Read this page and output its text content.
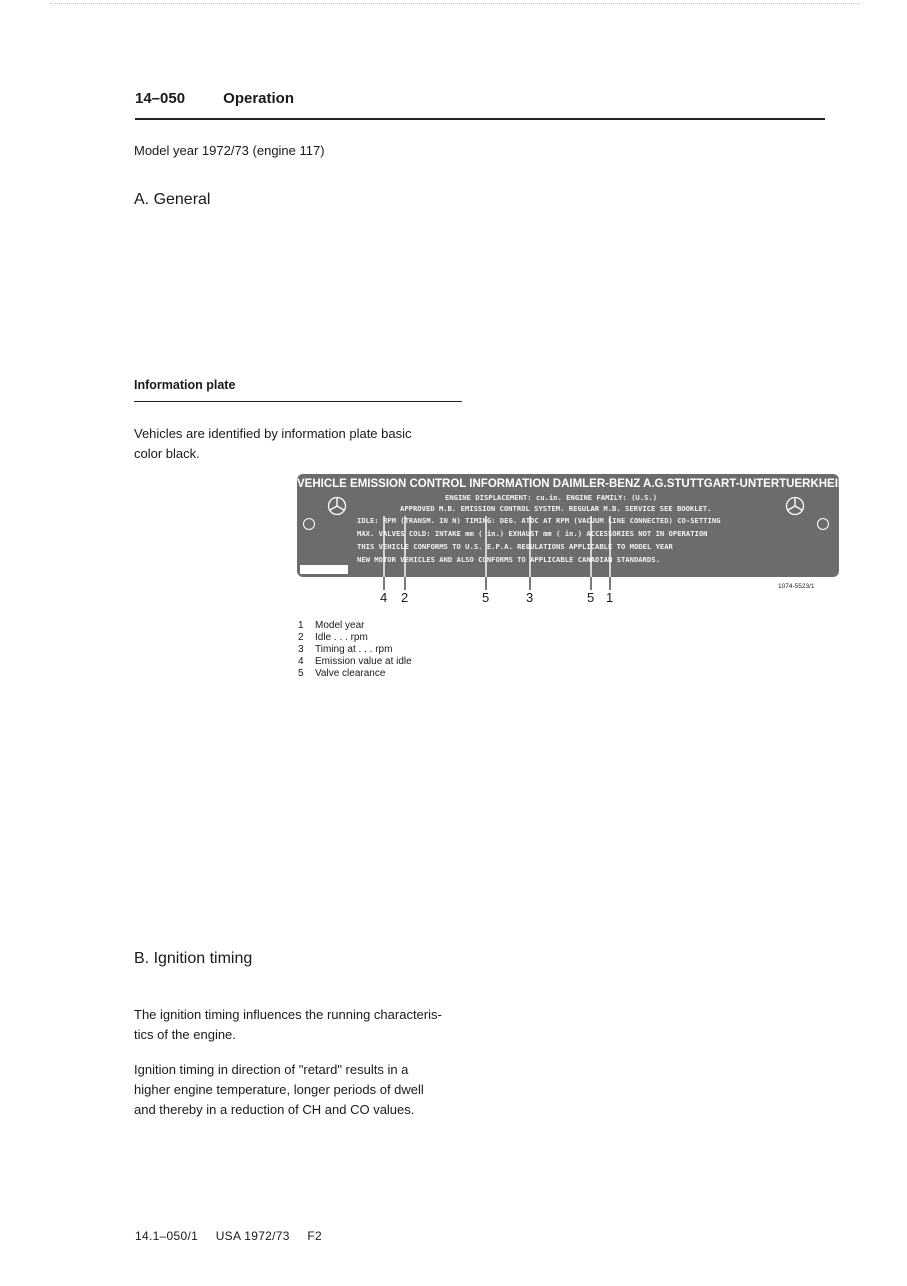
14–050	Operation
Model year 1972/73 (engine 117)
A. General
Information plate
Vehicles are identified by information plate basic
color black.
VEHICLE EMISSION CONTROL INFORMATION DAIMLER-BENZ A.G.STUTTGART-UNTERTUERKHEIM
ENGINE DISPLACEMENT: cu.in. ENGINE FAMILY: (U.S.)
APPROVED M.B. EMISSION CONTROL SYSTEM. REGULAR M.B. SERVICE SEE BOOKLET.
IDLE: RPM (TRANSM. IN N) TIMING: DEG. ATDC AT RPM (VACUUM LINE CONNECTED) CO-SETTING
MAX. VALVES COLD: INTAKE mm ( in.) EXHAUST mm ( in.) ACCESSORIES NOT IN OPERATION
THIS VEHICLE CONFORMS TO U.S. E.P.A. REGULATIONS APPLICABLE TO MODEL YEAR
NEW MOTOR VEHICLES AND ALSO CONFORMS TO APPLICABLE CANADIAN STANDARDS.
1074-5523/1
4 2	5	3	5 1
1 Model year
2 Idle . . . rpm
3 Timing at . . . rpm
4 Emission value at idle
5 Valve clearance
B. Ignition timing
The ignition timing influences the running characteris-
tics of the engine.
Ignition timing in direction of "retard" results in a
higher engine temperature, longer periods of dwell
and thereby in a reduction of CH and CO values.
14.1–050/1 USA 1972/73 F2
